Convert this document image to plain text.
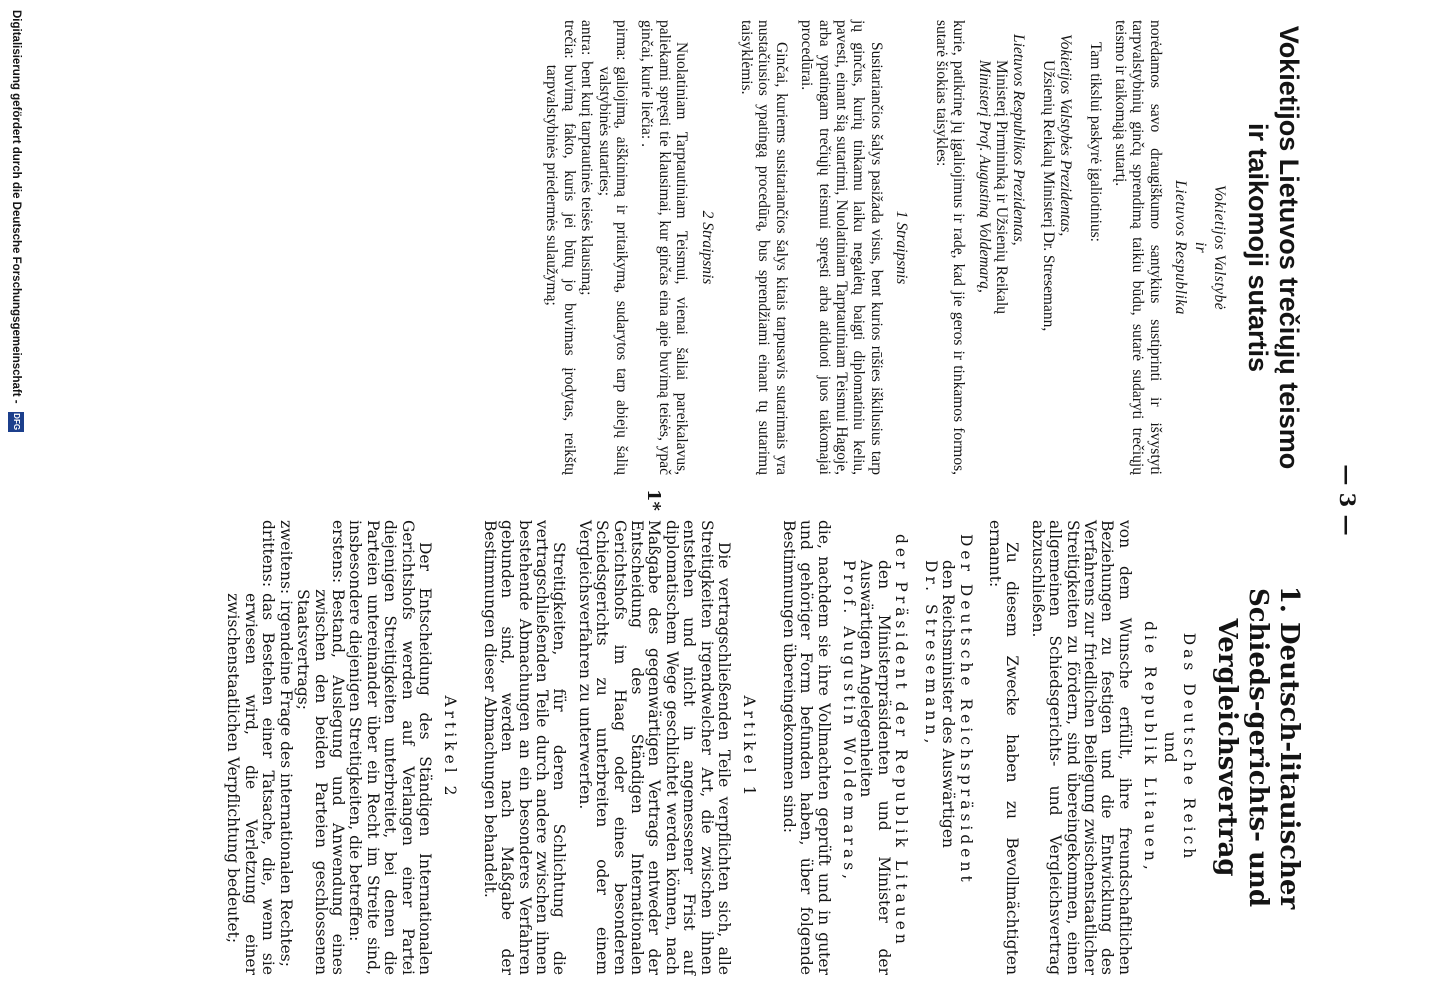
— 3 —
Vokietijos Lietuvos trečiųjų teismo ir taikomoji sutartis

Vokietijos Valstybė

ir

Lietuvos Respublika

norėdamos savo draugiškumo santykius sustiprinti ir išvystyti tarpvalstybinių ginčų sprendimą taikiu būdu, sutarė sudaryti trečiųjų teismo ir taikomąją sutartį.

Tam tikslui paskyrė įgaliotinius:

Vokietijos Valstybės Prezidentas,

Užsienių Reikalų Ministerį Dr. Stresemann,

Lietuvos Respublikos Prezidentas,

Ministerį Pirmininką ir Užsienių Reikalų

Ministerį Prof. Augustiną Voldemarą,

kurie, patikrinę jų įgaliojimus ir radę, kad jie geros ir tinkamos formos, sutarė šiokias taisykles:

1 Straipsnis

Susitariančios šalys pasižada visus, bent kurios rūšies iškilusius tarp jų ginčus, kurių tinkamu laiku negalėtų baigti diplomatiniu keliu, pavesti, einant šią sutartimi, Nuolatiniam Tarptautiniam Teismui Hagoje, arba ypatingam trečiųjų teismui spręsti arba atiduoti juos taikomajai procedūrai.

Ginčai, kuriems susitariančios šalys kitais tarpusavis sutarimais yra nustačiusios ypatingą procedūrą, bus sprendžiami einant tų sutarimų taisyklėmis.

2 Straipsnis

Nuolatiniam Tarptautiniam Teismui, vienai šaliai pareikalavus, paliekami spręsti tie klausimai, kur ginčas eina apie buvimą teisės, ypač ginčai, kurie liečia: .

pirma:
galiojimą, aiškinimą ir pritaikymą, sudarytos tarp abiejų šalių valstybinės sutarties;
antra:
bent kurį tarptautinės teisės klausimą;
trečia:
buvimą fakto, kuris jei būtų jo buvimas įrodytas, reikštų tarpvalstybinės priedermės sulaužymą;
1. Deutsch-litauischer Schieds-gerichts- und Vergleichsvertrag

Das Deutsche Reich

und

die Republik Litauen,

von dem Wunsche erfüllt, ihre freundschaftlichen Beziehungen zu festigen und die Entwicklung des Verfahrens zur friedlichen Beilegung zwischenstaatlicher Streitigkeiten zu fördern, sind übereingekommen, einen allgemeinen Schiedsgerichts- und Vergleichsvertrag abzuschließen.

Zu diesem Zwecke haben zu Bevollmächtigten ernannt:

Der Deutsche Reichspräsident

den Reichsminister des Auswärtigen

Dr. Stresemann,

der Präsident der Republik Litauen

den Ministerpräsidenten und Minister der Auswärtigen Angelegenheiten

Prof. Augustin Woldemaras,

die, nachdem sie ihre Vollmachten geprüft und in guter und gehöriger Form befunden haben, über folgende Bestimmungen übereingekommen sind:

Artikel 1

Die vertragschließenden Teile verpflichten sich, alle Streitigkeiten irgendwelcher Art, die zwischen ihnen entstehen und nicht in angemessener Frist auf diplomatischem Wege geschlichtet werden können, nach Maßgabe des gegenwärtigen Vertrags entweder der Entscheidung des Ständigen Internationalen Gerichtshofs im Haag oder eines besonderen Schiedsgerichts zu unterbreiten oder einem Vergleichsverfahren zu unterwerfen.

Streitigkeiten, für deren Schlichtung die vertragschließenden Teile durch andere zwischen ihnen bestehende Abmachungen an ein besonderes Verfahren gebunden sind, werden nach Maßgabe der Bestimmungen dieser Abmachungen behandelt.

Artikel 2

Der Entscheidung des Ständigen Internationalen Gerichtshofs werden auf Verlangen einer Partei diejenigen Streitigkeiten unterbreitet, bei denen die Parteien untereinander über ein Recht im Streite sind, insbesondere diejenigen Streitigkeiten, die betreffen:

erstens:
Bestand, Auslegung und Anwendung eines zwischen den beiden Parteien geschlossenen Staatsvertrags;
zweitens:
irgendeine Frage des internationalen Rechtes;
drittens:
das Bestehen einer Tatsache, die, wenn sie erwiesen wird, die Verletzung einer zwischenstaatlichen Verpflichtung bedeutet;
1*
Digitalisierung gefördert durch die Deutsche Forschungsgemeinschaft -
DFG
